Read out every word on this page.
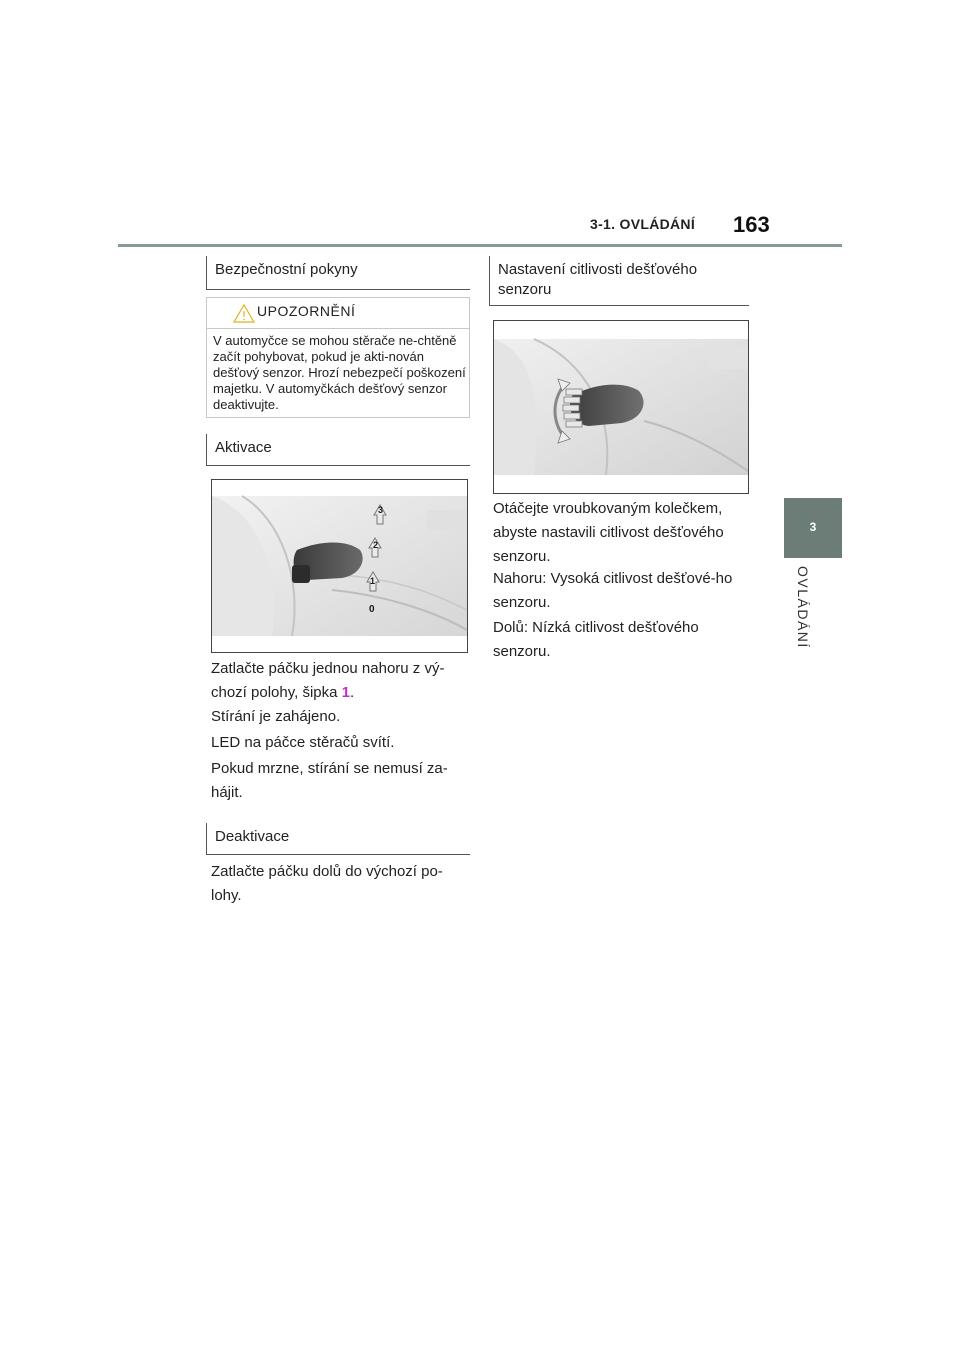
3-1. OVLÁDÁNÍ 163
3
OVLÁDÁNÍ
Bezpečnostní pokyny
UPOZORNĚNÍ
V automyčce se mohou stěrače ne-chtěně začít pohybovat, pokud je akti-nován dešťový senzor. Hrozí nebezpečí poškození majetku. V automyčkách dešťový senzor deaktivujte.
Aktivace
3
2
1
0
Zatlačte páčku jednou nahoru z vý-chozí polohy, šipka 1.
Stírání je zahájeno.
LED na páčce stěračů svítí.
Pokud mrzne, stírání se nemusí za-hájit.
Deaktivace
Zatlačte páčku dolů do výchozí po-lohy.
Nastavení citlivosti dešťového senzoru
Otáčejte vroubkovaným kolečkem, abyste nastavili citlivost dešťového senzoru.
Nahoru: Vysoká citlivost dešťové-ho senzoru.
Dolů: Nízká citlivost dešťového senzoru.
